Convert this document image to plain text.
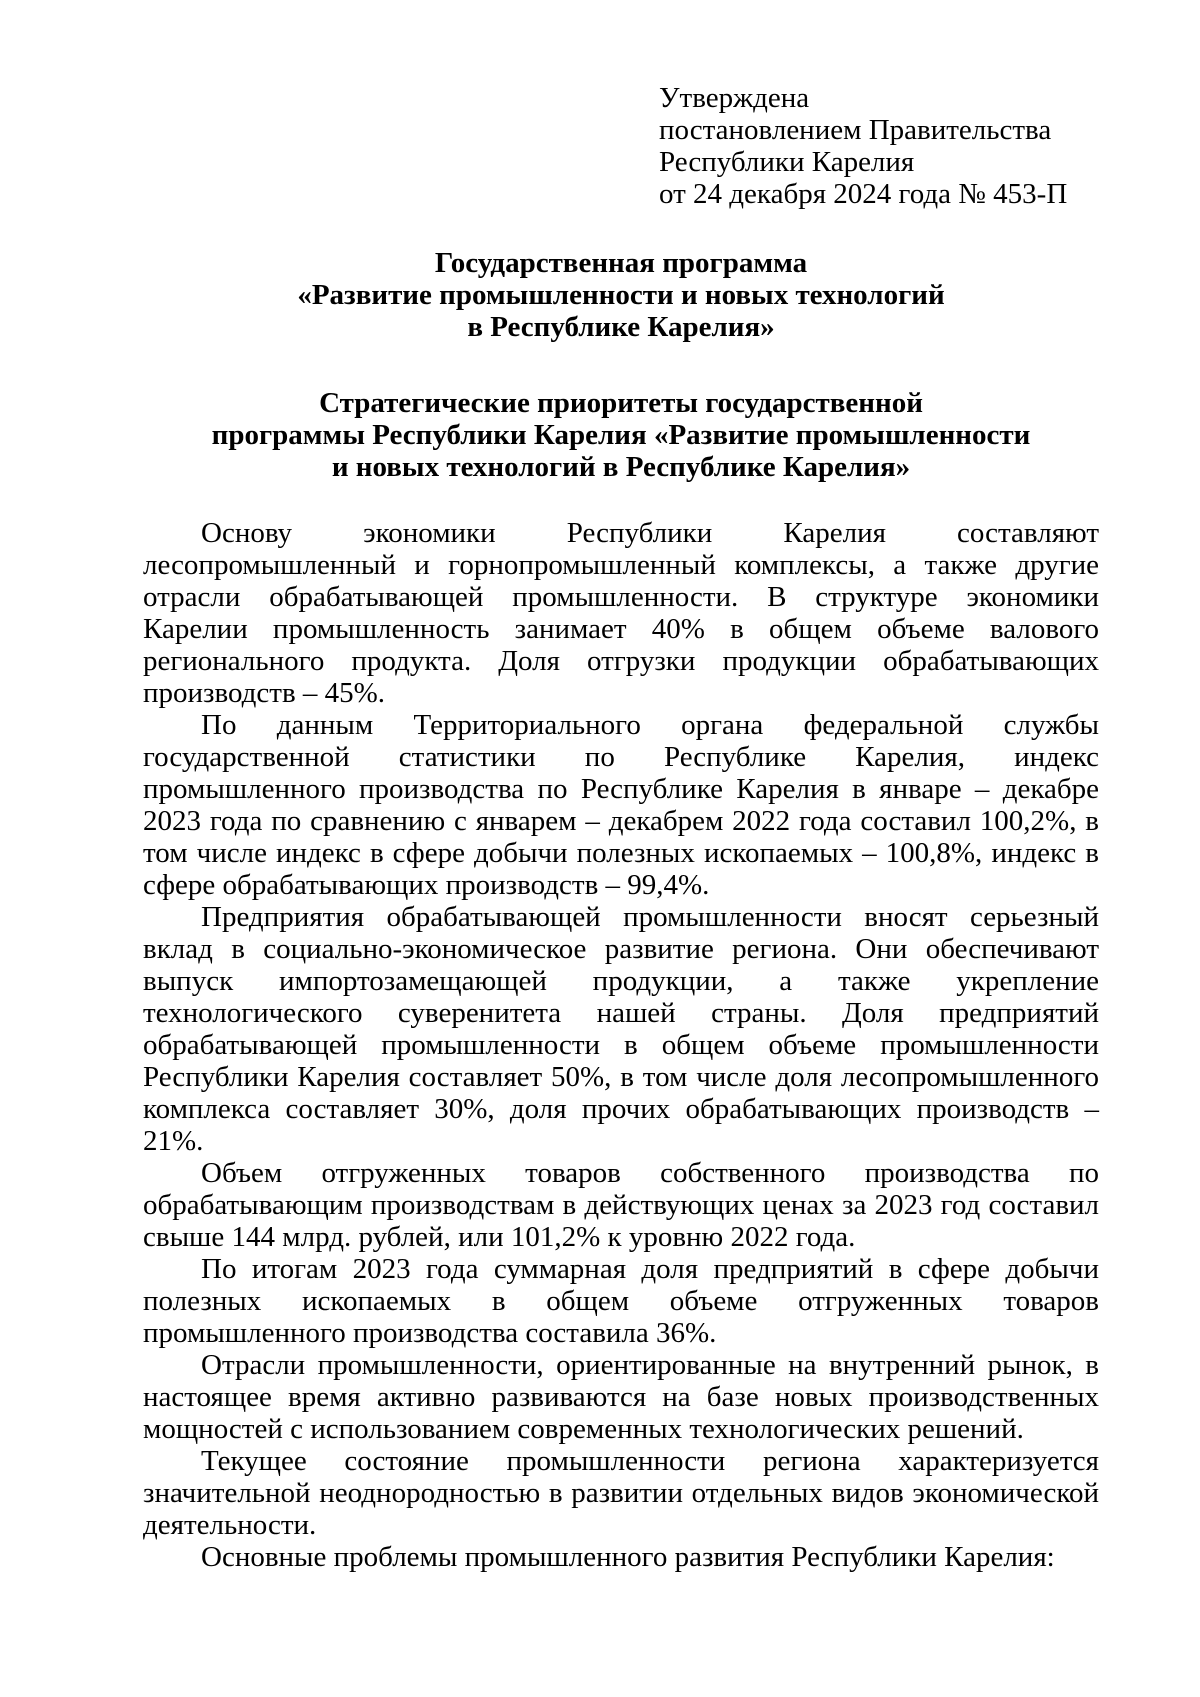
Утверждена
постановлением Правительства
Республики Карелия
от 24 декабря 2024 года № 453-П
Государственная программа
«Развитие промышленности и новых технологий
в Республике Карелия»
Стратегические приоритеты государственной
программы Республики Карелия «Развитие промышленности
и новых технологий в Республике Карелия»

Основу экономики Республики Карелия составляют лесопромышленный и горнопромышленный комплексы, а также другие отрасли обрабатывающей промышленности. В структуре экономики Карелии промышленность занимает 40% в общем объеме валового регионального продукта. Доля отгрузки продукции обрабатывающих производств – 45%.

По данным Территориального органа федеральной службы государственной статистики по Республике Карелия, индекс промышленного производства по Республике Карелия в январе – декабре 2023 года по сравнению с январем – декабрем 2022 года составил 100,2%, в том числе индекс в сфере добычи полезных ископаемых – 100,8%, индекс в сфере обрабатывающих производств – 99,4%.

Предприятия обрабатывающей промышленности вносят серьезный вклад в социально-экономическое развитие региона. Они обеспечивают выпуск импортозамещающей продукции, а также укрепление технологического суверенитета нашей страны. Доля предприятий обрабатывающей промышленности в общем объеме промышленности Республики Карелия составляет 50%, в том числе доля лесопромышленного комплекса составляет 30%, доля прочих обрабатывающих производств – 21%.

Объем отгруженных товаров собственного производства по обрабатывающим производствам в действующих ценах за 2023 год составил свыше 144 млрд. рублей, или 101,2% к уровню 2022 года.

По итогам 2023 года суммарная доля предприятий в сфере добычи полезных ископаемых в общем объеме отгруженных товаров промышленного производства составила 36%.

Отрасли промышленности, ориентированные на внутренний рынок, в настоящее время активно развиваются на базе новых производственных мощностей с использованием современных технологических решений.

Текущее состояние промышленности региона характеризуется значительной неоднородностью в развитии отдельных видов экономической деятельности.

Основные проблемы промышленного развития Республики Карелия:
